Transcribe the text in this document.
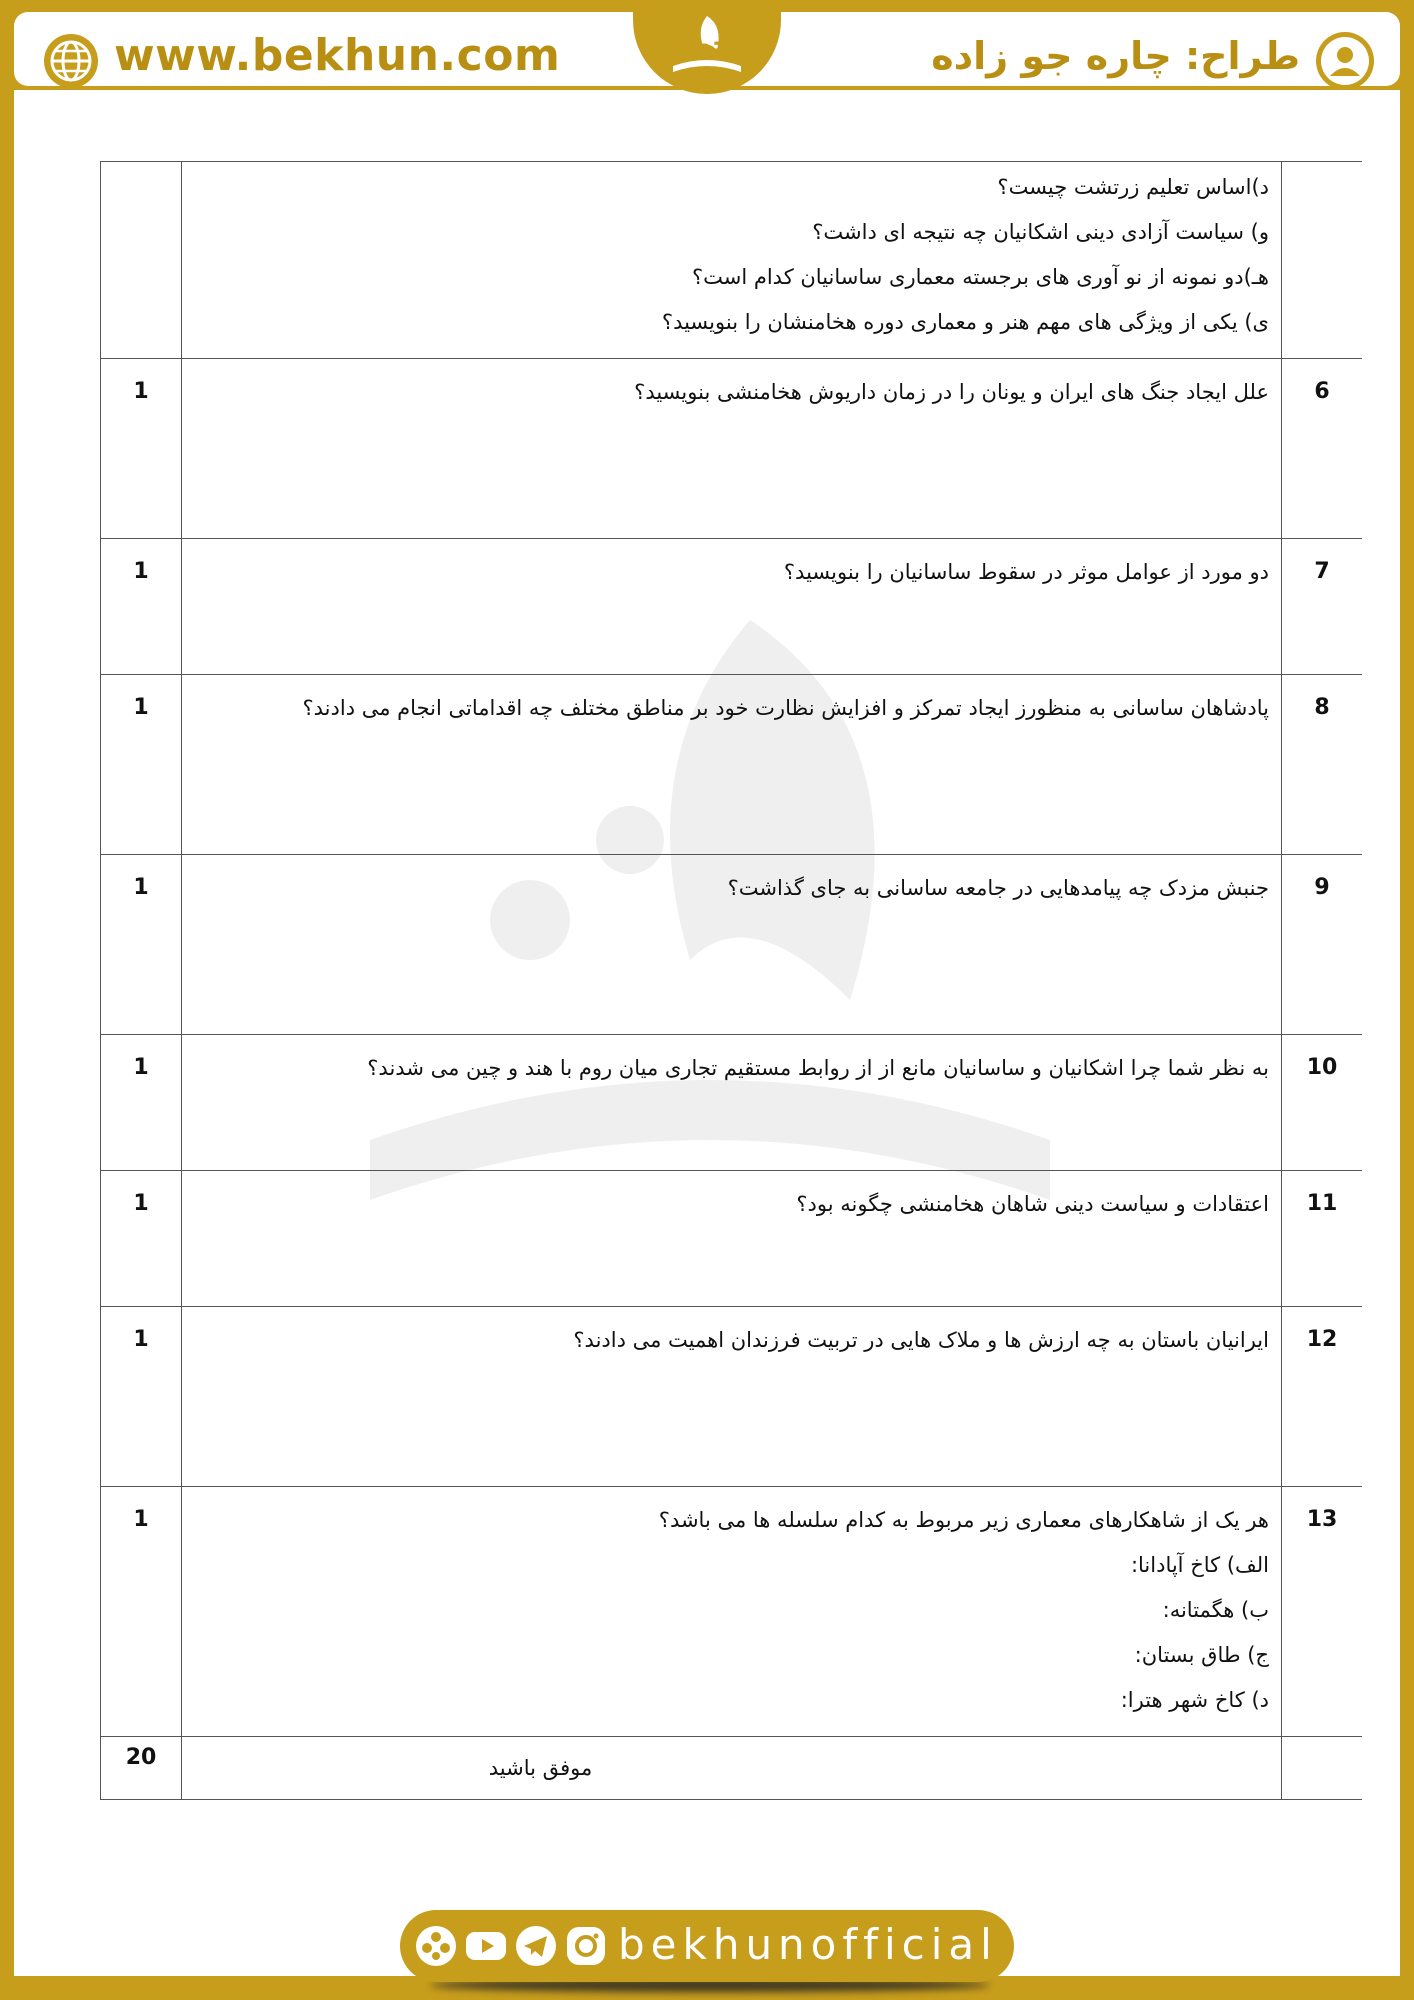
www.bekhun.com	طراح: چاره جو زاده
بخون

	د)اساس تعلیم زرتشت چیست؟
و) سیاست آزادی دینی اشکانیان چه نتیجه ای داشت؟
هـ)دو نمونه از نو آوری های برجسته معماری ساسانیان کدام است؟
ی) یکی از ویژگی های مهم هنر و معماری دوره هخامنشان را بنویسید؟	

6	علل ایجاد جنگ های ایران و یونان را در زمان داریوش هخامنشی بنویسید؟	1
7	دو مورد از عوامل موثر در سقوط ساسانیان را بنویسید؟	1
8	پادشاهان ساسانی به منظورز ایجاد تمرکز و افزایش نظارت خود بر مناطق مختلف چه اقداماتی انجام می دادند؟	1
9	جنبش مزدک چه پیامدهایی در جامعه ساسانی به جای گذاشت؟	1
10	به نظر شما چرا اشکانیان و ساسانیان مانع از از روابط مستقیم تجاری میان روم با هند و چین می شدند؟	1
11	اعتقادات و سیاست دینی شاهان هخامنشی چگونه بود؟	1
12	ایرانیان باستان به چه ارزش ها و ملاک هایی در تربیت فرزندان اهمیت می دادند؟	1
13	هر یک از شاهکارهای معماری زیر مربوط به کدام سلسله ها می باشد؟
الف) کاخ آپادانا:
ب) هگمتانه:
ج) طاق بستان:
د) کاخ شهر هترا:	1

	موفق باشید	20
bekhunofficial
